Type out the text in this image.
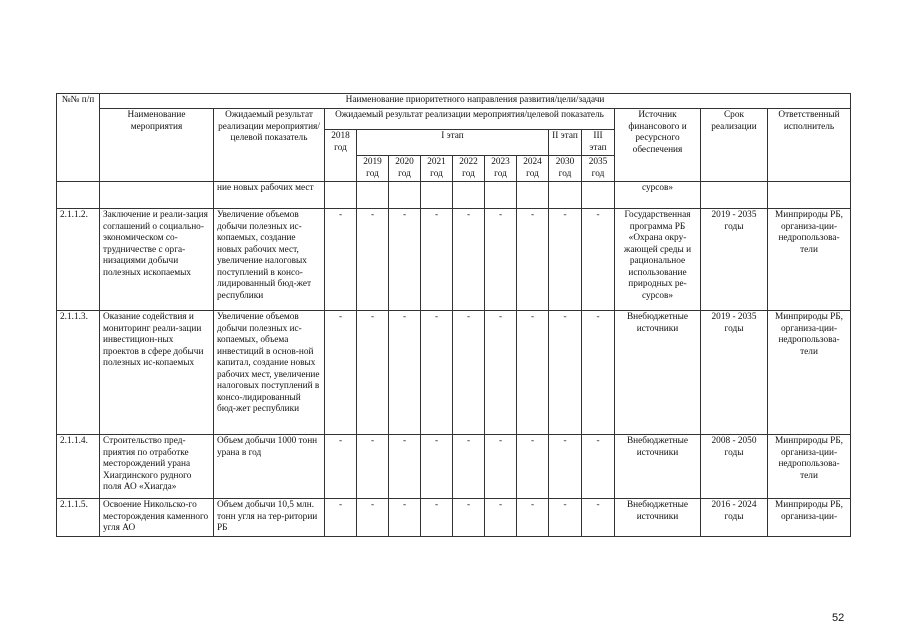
№№ п/п	Наименование приоритетного направления развития/цели/задачи													
	Наименование мероприятия	Ожидаемый результат реализации мероприятия/целевой показатель	Ожидаемый результат реализации мероприятия/целевой показатель									Источник финансового и ресурсного обеспечения	Срок реализации	Ответственный исполнитель
			2018 год	I этап						II этап	III этап			
				2019 год	2020 год	2021 год	2022 год	2023 год	2024 год	2030 год	2035 год			
		ние новых рабочих мест										сурсов»		
2.1.1.2.	Заключение и реали-зация соглашений о социально-экономическом со-трудничестве с орга-низациями добычи полезных ископаемых	Увеличение объемов добычи полезных ис-копаемых, создание новых рабочих мест, увеличение налоговых поступлений в консо-лидированный бюд-жет республики	-	-	-	-	-	-	-	-	-	Государственная программа РБ «Охрана окру-жающей среды и рациональное использование природных ре-сурсов»	2019 - 2035 годы	Минприроды РБ, организа-ции-недропользова-тели
2.1.1.3.	Оказание содействия и мониторинг реали-зации инвестицион-ных проектов в сфере добычи полезных ис-копаемых	Увеличение объемов добычи полезных ис-копаемых, объема инвестиций в основ-ной капитал, создание новых рабочих мест, увеличение налоговых поступлений в консо-лидированный бюд-жет республики	-	-	-	-	-	-	-	-	-	Внебюджетные источники	2019 - 2035 годы	Минприроды РБ, организа-ции-недропользова-тели
2.1.1.4.	Строительство пред-приятия по отработке месторождений урана Хиагдинского рудного поля АО «Хиагда»	Объем добычи 1000 тонн урана в год	-	-	-	-	-	-	-	-	-	Внебюджетные источники	2008 - 2050 годы	Минприроды РБ, организа-ции-недропользова-тели
2.1.1.5.	Освоение Никольско-го месторождения каменного угля АО	Объем добычи 10,5 млн. тонн угля на тер-ритории РБ	-	-	-	-	-	-	-	-	-	Внебюджетные источники	2016 - 2024 годы	Минприроды РБ, организа-ции-
52
